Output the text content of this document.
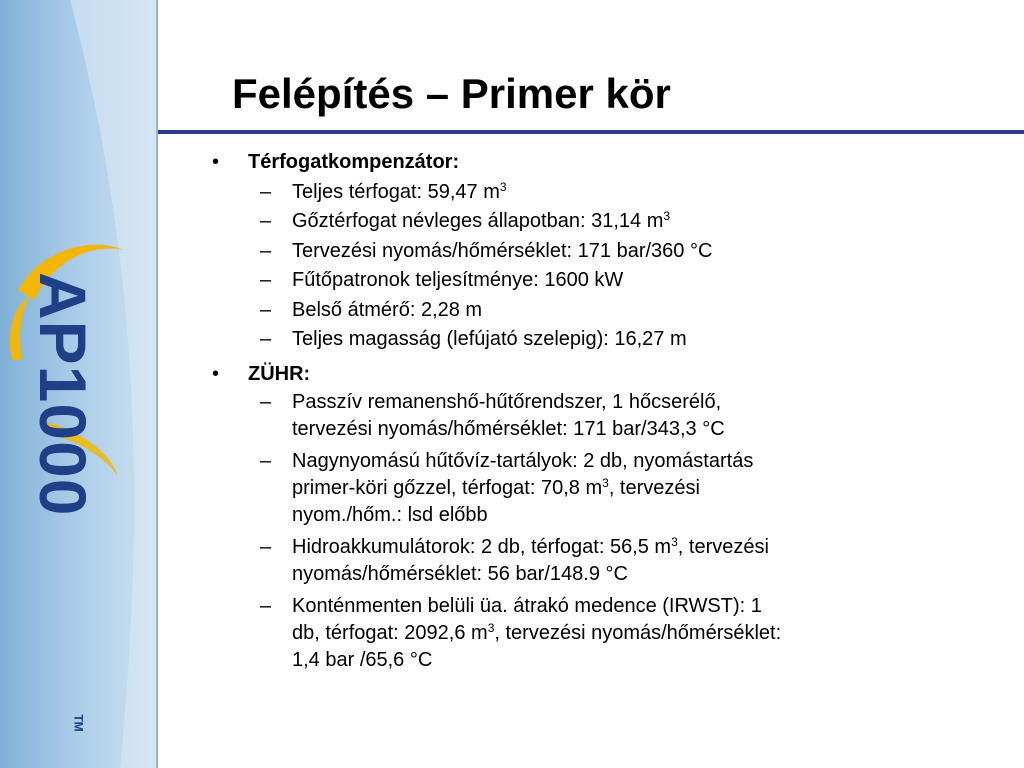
AP1000
TM
Felépítés – Primer kör
• Térfogatkompenzátor:
– Teljes térfogat: 59,47 $m^3$
– Gőztérfogat névleges állapotban: 31,14 $m^3$
– Tervezési nyomás/hőmérséklet: 171 bar/360 °C
– Fűtőpatronok teljesítménye: 1600 kW
– Belső átmérő: 2,28 m
– Teljes magasság (lefújató szelepig): 16,27 m
• ZÜHR:
– Passzív remanenshő-hűtőrendszer, 1 hőcserélő,
tervezési nyomás/hőmérséklet: 171 bar/343,3 °C
– Nagynyomású hűtővíz-tartályok: 2 db, nyomástartás
primer-köri gőzzel, térfogat: 70,8 $m^3$, tervezési
nyom./hőm.: lsd előbb
– Hidroakkumulátorok: 2 db, térfogat: 56,5 $m^3$, tervezési
nyomás/hőmérséklet: 56 bar/148.9 °C
– Konténmenten belüli üa. átrakó medence (IRWST): 1
db, térfogat: 2092,6 $m^3$, tervezési nyomás/hőmérséklet:
1,4 bar /65,6 °C
